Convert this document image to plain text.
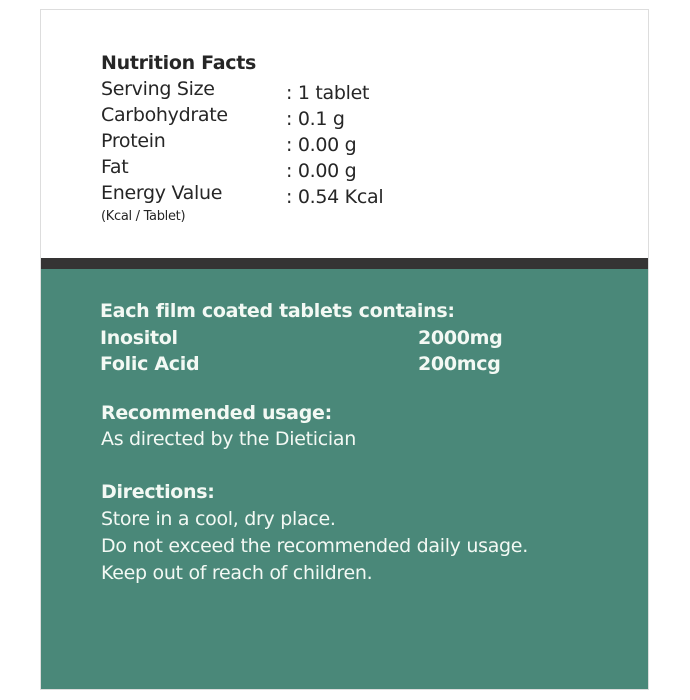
Nutrition Facts
Serving Size	: 1 tablet
Carbohydrate	: 0.1 g
Protein	: 0.00 g
Fat	: 0.00 g
Energy Value	: 0.54 Kcal
(Kcal / Tablet)
Each film coated tablets contains:
Inositol	2000mg
Folic Acid	200mcg
Recommended usage:
As directed by the Dietician
Directions:
Store in a cool, dry place.
Do not exceed the recommended daily usage.
Keep out of reach of children.
